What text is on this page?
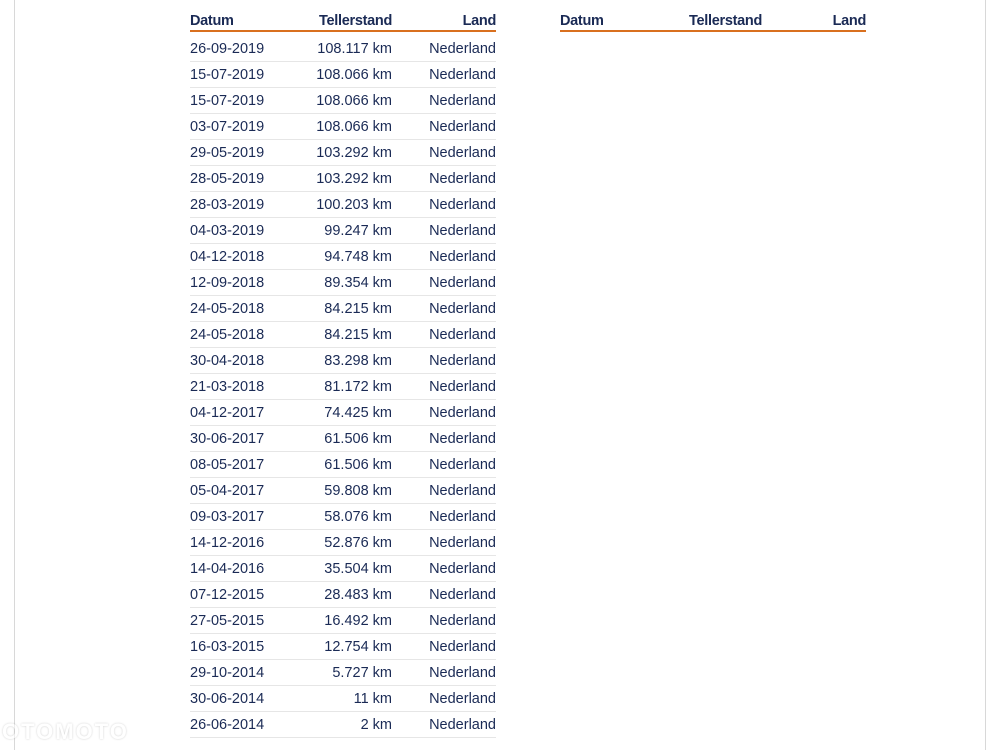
Datum	Tellerstand	Land
26-09-2019	108.117 km	Nederland
15-07-2019	108.066 km	Nederland
15-07-2019	108.066 km	Nederland
03-07-2019	108.066 km	Nederland
29-05-2019	103.292 km	Nederland
28-05-2019	103.292 km	Nederland
28-03-2019	100.203 km	Nederland
04-03-2019	99.247 km	Nederland
04-12-2018	94.748 km	Nederland
12-09-2018	89.354 km	Nederland
24-05-2018	84.215 km	Nederland
24-05-2018	84.215 km	Nederland
30-04-2018	83.298 km	Nederland
21-03-2018	81.172 km	Nederland
04-12-2017	74.425 km	Nederland
30-06-2017	61.506 km	Nederland
08-05-2017	61.506 km	Nederland
05-04-2017	59.808 km	Nederland
09-03-2017	58.076 km	Nederland
14-12-2016	52.876 km	Nederland
14-04-2016	35.504 km	Nederland
07-12-2015	28.483 km	Nederland
27-05-2015	16.492 km	Nederland
16-03-2015	12.754 km	Nederland
29-10-2014	5.727 km	Nederland
30-06-2014	11 km	Nederland
26-06-2014	2 km	Nederland
Datum	Tellerstand	Land
OTOMOTO
